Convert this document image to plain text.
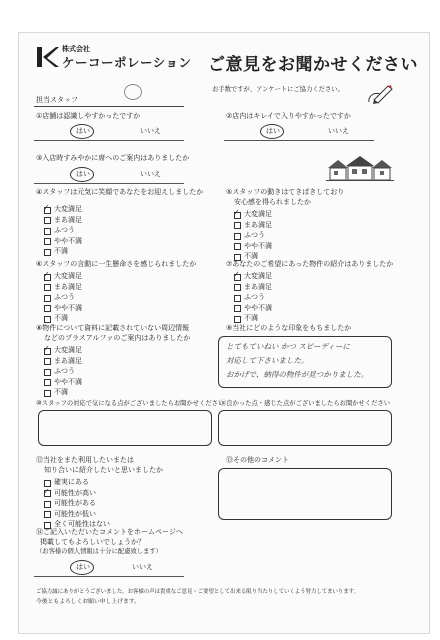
株式会社
ケーコーポレーション ご意見をお聞かせください
お手数ですが、アンケートにご協力ください。
担当スタッフ
①店舗は認識しやすかったですか
はい	いいえ
②店内はキレイで入りやすかったですか
はい	いいえ
③入店時すみやかに席へのご案内はありましたか
はい	いいえ
④スタッフは元気に笑顔であなたをお迎えしましたか
✓ 大変満足
まあ満足
ふつう
やや不満
不満
⑤スタッフの動きはてきぱきしており
安心感を得られましたか
✓ 大変満足
まあ満足
ふつう
やや不満
不満
⑥スタッフの言動に一生懸命さを感じられましたか
✓ 大変満足
まあ満足
ふつう
やや不満
不満
⑦あなたのご希望にあった物件の紹介はありましたか
✓ 大変満足
まあ満足
ふつう
やや不満
不満
⑧物件について資料に記載されていない周辺情報
などのプラスアルファのご案内はありましたか
✓ 大変満足
まあ満足
ふつう
やや不満
不満
⑨当社にどのような印象をもちましたか
とてもていねい かつ スピーディーに
対応して下さいました。
おかげで、納得の物件が見つかりました。
⑩スタッフの対応で気になる点がございましたらお聞かせください
⑪良かった点・感じた点がございましたらお聞かせください
⑫当社をまた利用したいまたは
知り合いに紹介したいと思いましたか
確実にある
✓ 可能性が高い
可能性がある
可能性が低い
全く可能性はない
⑬その他のコメント
⑭ご記入いただいたコメントをホームページへ
掲載してもよろしいでしょうか？
（お客様の個人情報は十分に配慮致します）
はい	いいえ
ご協力誠にありがとうございました。お客様の声は貴重なご意見・ご要望として出来る限り当たりしていくよう努力してまいります。
今後ともよろしくお願い申し上げます。
